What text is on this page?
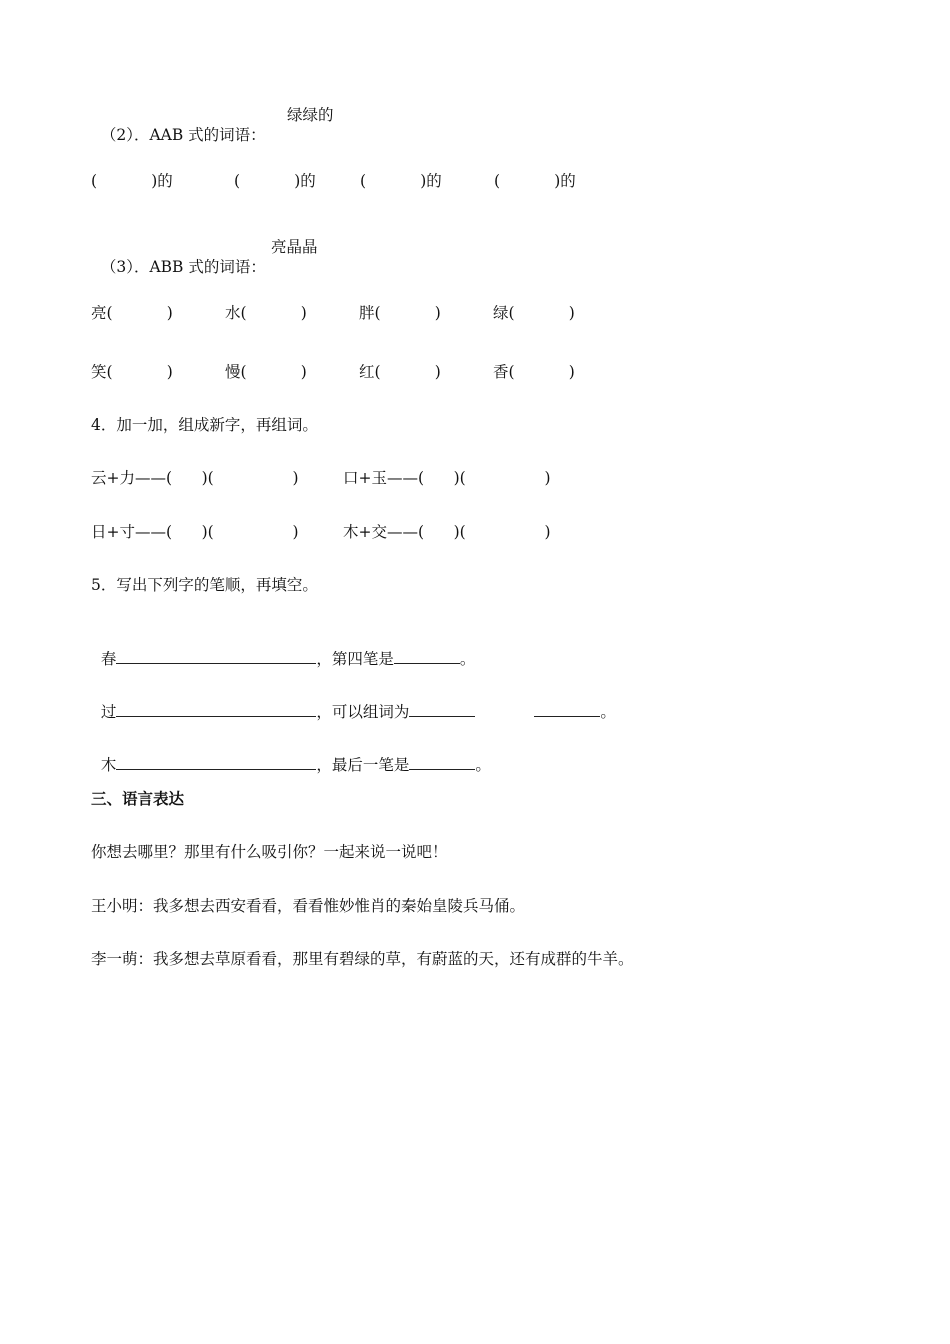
（2）．AAB 式的词语：

绿绿的
(           )的	(           )的	(           )的	(           )的

（3）．ABB 式的词语：

亮晶晶
亮(           )	水(           )	胖(           )	绿(           )
笑(           )	慢(           )	红(           )	香(           )
4．加一加，组成新字，再组词。
云+力——(      )(                )	口+玉——(      )(                )
日+寸——(      )(                )	木+交——(      )(                )
5．写出下列字的笔顺，再填空。

春	，第四笔是	。

过	，可以组词为	。

木	，最后一笔是	。

三、语言表达
你想去哪里？那里有什么吸引你？一起来说一说吧！
王小明：我多想去西安看看，看看惟妙惟肖的秦始皇陵兵马俑。
李一萌：我多想去草原看看，那里有碧绿的草，有蔚蓝的天，还有成群的牛羊。
